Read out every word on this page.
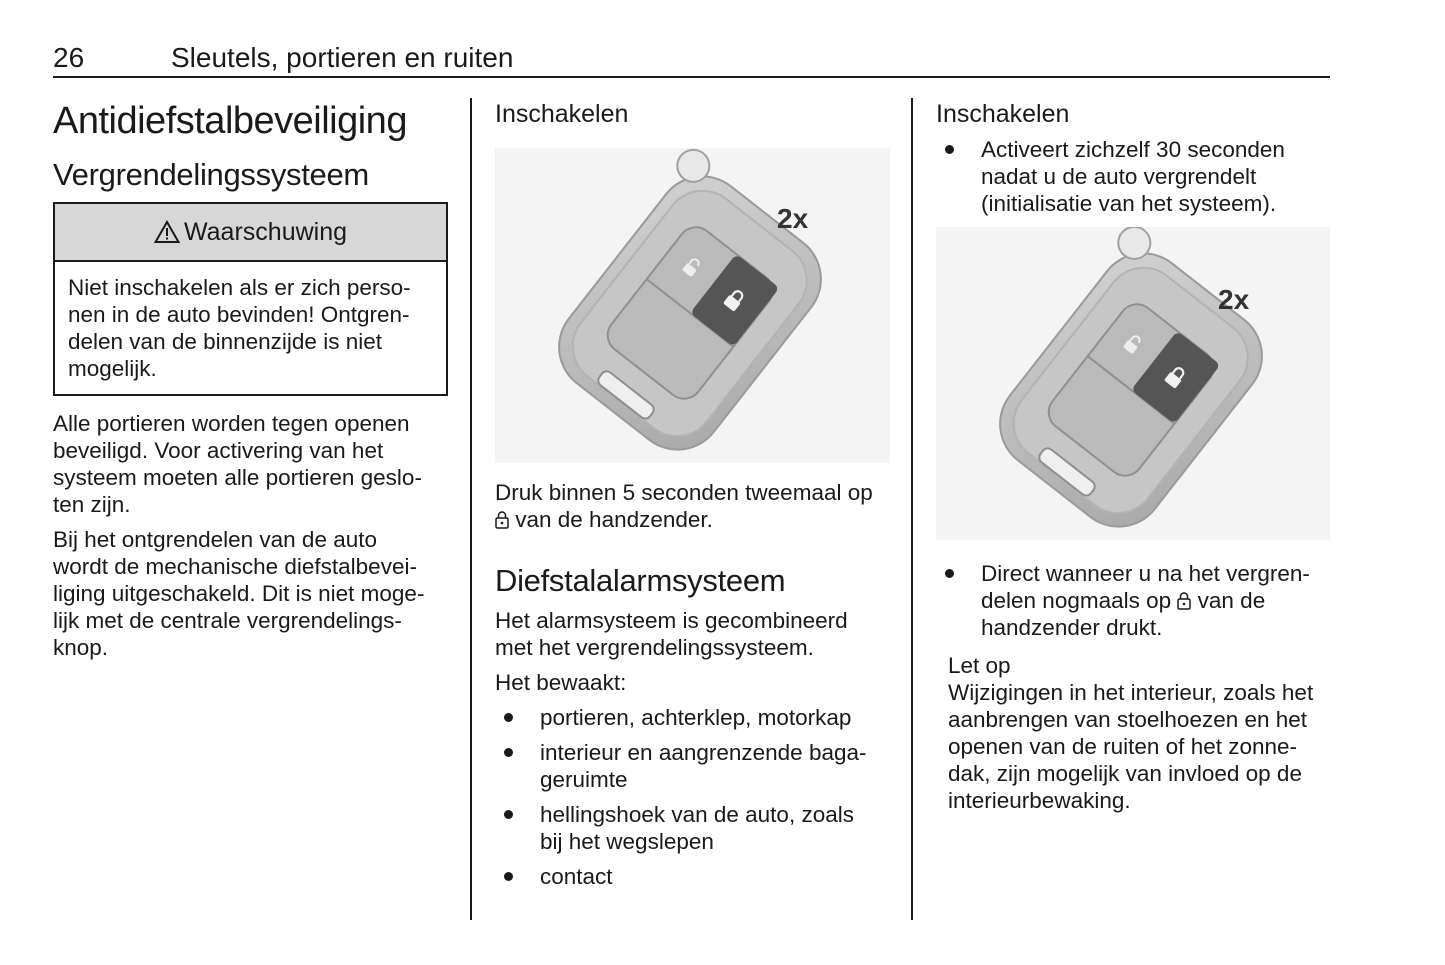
26	Sleutels, portieren en ruiten
Antidiefstalbeveiliging
Vergrendelingssysteem
Waarschuwing

Niet inschakelen als er zich perso-

nen in de auto bevinden! Ontgren-

delen van de binnenzijde is niet

mogelijk.

Alle portieren worden tegen openen

beveiligd. Voor activering van het

systeem moeten alle portieren geslo-

ten zijn.

Bij het ontgrendelen van de auto

wordt de mechanische diefstalbevei-

liging uitgeschakeld. Dit is niet moge-

lijk met de centrale vergrendelings-

knop.

Inschakelen
2x

Druk binnen 5 seconden tweemaal op

van de handzender.

Diefstalalarmsysteem

Het alarmsysteem is gecombineerd

met het vergrendelingssysteem.

Het bewaakt:

portieren, achterklep, motorkap
interieur en aangrenzende baga-
geruimte
hellingshoek van de auto, zoals
bij het wegslepen
contact
Inschakelen
Activeert zichzelf 30 seconden
nadat u de auto vergrendelt
(initialisatie van het systeem).
2x
Direct wanneer u na het vergren-
delen nogmaals op  van de
handzender drukt.

Let op

Wijzigingen in het interieur, zoals het

aanbrengen van stoelhoezen en het

openen van de ruiten of het zonne-

dak, zijn mogelijk van invloed op de

interieurbewaking.
